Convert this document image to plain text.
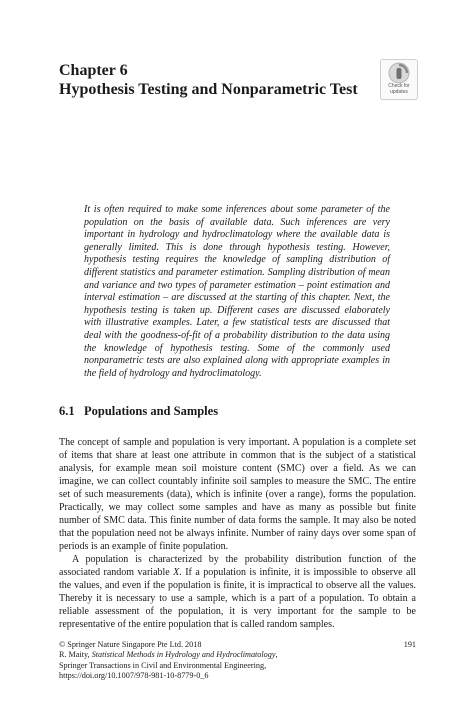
Chapter 6
Hypothesis Testing and Nonparametric Test	Check for
updates
It is often required to make some inferences about some parameter of the population on the basis of available data. Such inferences are very important in hydrology and hydroclimatology where the available data is generally limited. This is done through hypothesis testing. However, hypothesis testing requires the knowledge of sampling distribution of different statistics and parameter estimation. Sampling distribution of mean and variance and two types of parameter estimation – point estimation and interval estimation – are discussed at the starting of this chapter. Next, the hypothesis testing is taken up. Different cases are discussed elaborately with illustrative examples. Later, a few statistical tests are discussed that deal with the goodness-of-fit of a probability distribution to the data using the knowledge of hypothesis testing. Some of the commonly used nonparametric tests are also explained along with appropriate examples in the field of hydrology and hydroclimatology.
6.1 Populations and Samples

The concept of sample and population is very important. A population is a complete set of items that share at least one attribute in common that is the subject of a statistical analysis, for example mean soil moisture content (SMC) over a field. As we can imagine, we can collect countably infinite soil samples to measure the SMC. The entire set of such measurements (data), which is infinite (over a range), forms the population. Practically, we may collect some samples and have as many as possible but finite number of SMC data. This finite number of data forms the sample. It may also be noted that the population need not be always infinite. Number of rainy days over some span of periods is an example of finite population.

A population is characterized by the probability distribution function of the associated random variable X. If a population is infinite, it is impossible to observe all the values, and even if the population is finite, it is impractical to observe all the values. Thereby it is necessary to use a sample, which is a part of a population. To obtain a reliable assessment of the population, it is very important for the sample to be representative of the entire population that is called random samples.

191
© Springer Nature Singapore Pte Ltd. 2018
R. Maity, Statistical Methods in Hydrology and Hydroclimatology,
Springer Transactions in Civil and Environmental Engineering,
https://doi.org/10.1007/978-981-10-8779-0_6
